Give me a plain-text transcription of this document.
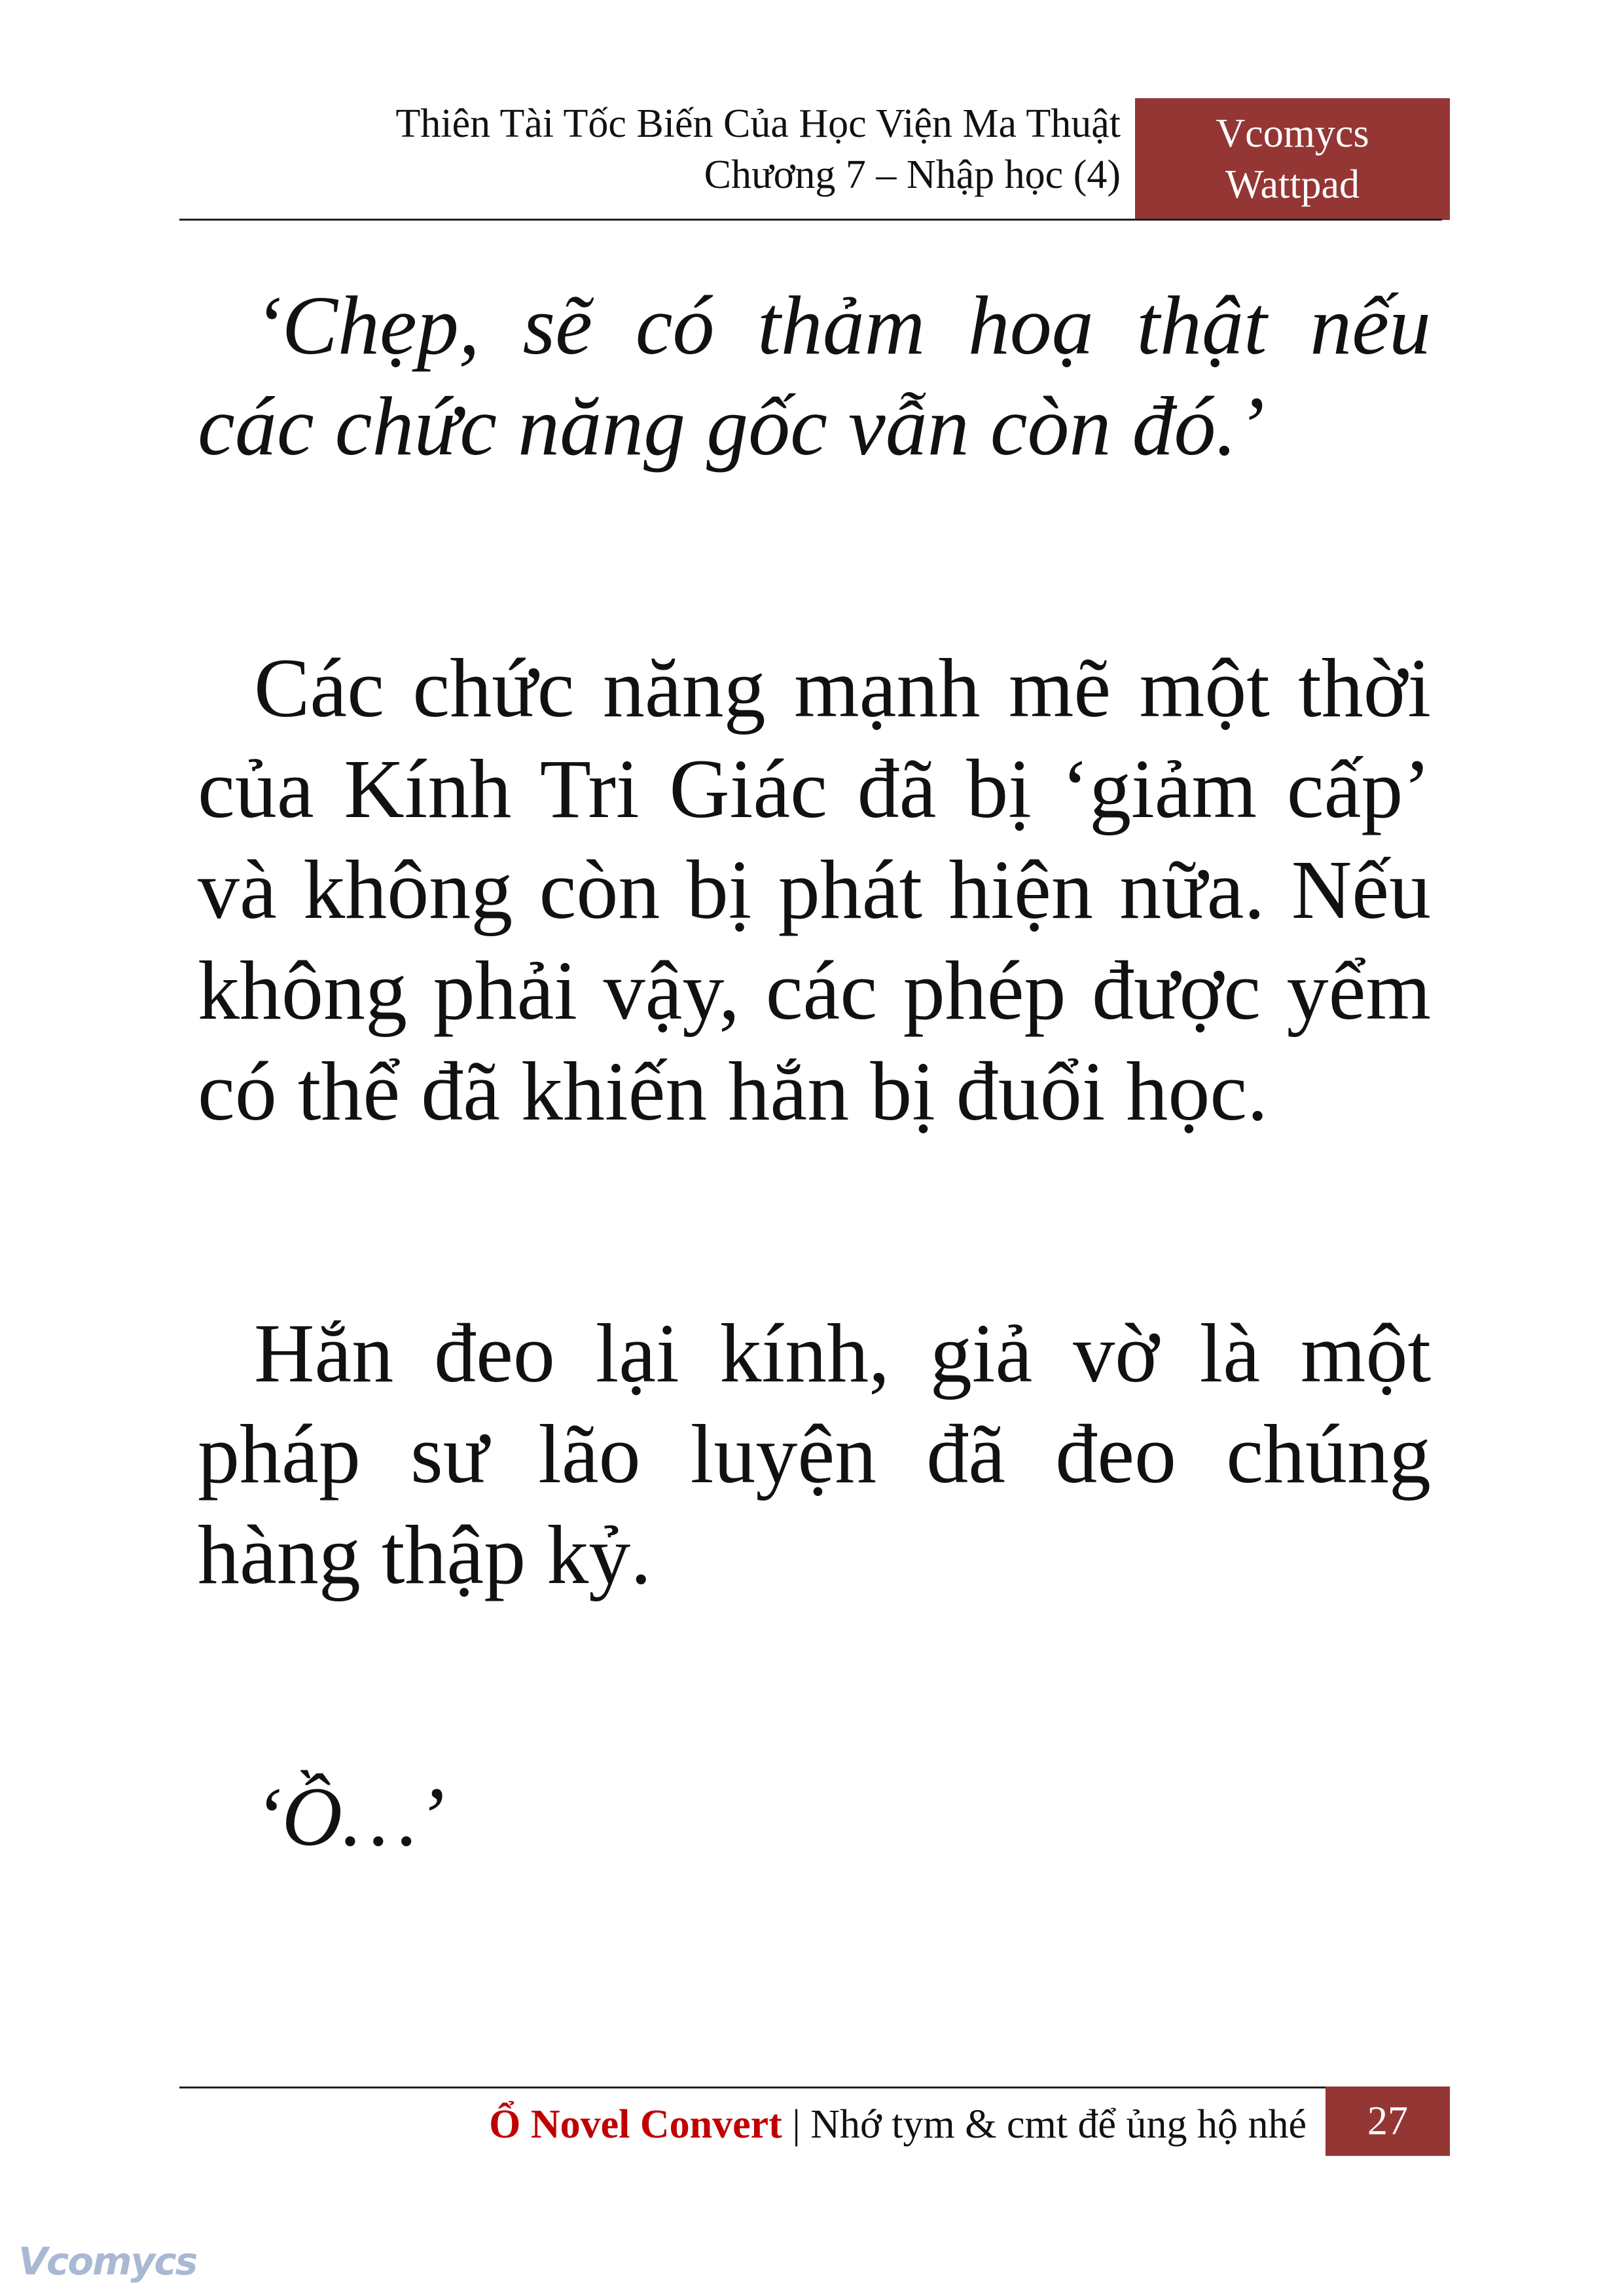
Thiên Tài Tốc Biến Của Học Viện Ma Thuật
Chương 7 – Nhập học (4)
Vcomycs
Wattpad

‘Chẹp, sẽ có thảm hoạ thật nếu các chức năng gốc vẫn còn đó.’

Các chức năng mạnh mẽ một thời của Kính Tri Giác đã bị ‘giảm cấp’ và không còn bị phát hiện nữa. Nếu không phải vậy, các phép được yểm có thể đã khiến hắn bị đuổi học.

Hắn đeo lại kính, giả vờ là một pháp sư lão luyện đã đeo chúng hàng thập kỷ.

‘Ồ…’

Ổ Novel Convert | Nhớ tym & cmt để ủng hộ nhé	27
Vcomycs
